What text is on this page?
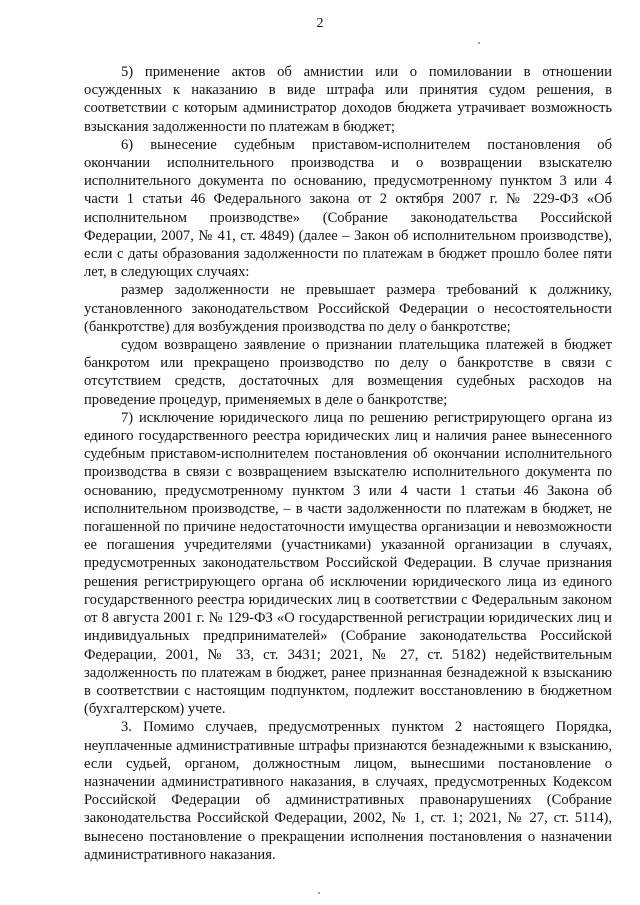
2

5) применение актов об амнистии или о помиловании в отношении осужденных к наказанию в виде штрафа или принятия судом решения, в соответствии с которым администратор доходов бюджета утрачивает возможность взыскания задолженности по платежам в бюджет;

6) вынесение судебным приставом-исполнителем постановления об окончании исполнительного производства и о возвращении взыскателю исполнительного документа по основанию, предусмотренному пунктом 3 или 4 части 1 статьи 46 Федерального закона от 2 октября 2007 г. № 229-ФЗ «Об исполнительном производстве» (Собрание законодательства Российской Федерации, 2007, № 41, ст. 4849) (далее – Закон об исполнительном производстве), если с даты образования задолженности по платежам в бюджет прошло более пяти лет, в следующих случаях:

размер задолженности не превышает размера требований к должнику, установленного законодательством Российской Федерации о несостоятельности (банкротстве) для возбуждения производства по делу о банкротстве;

судом возвращено заявление о признании плательщика платежей в бюджет банкротом или прекращено производство по делу о банкротстве в связи с отсутствием средств, достаточных для возмещения судебных расходов на проведение процедур, применяемых в деле о банкротстве;

7) исключение юридического лица по решению регистрирующего органа из единого государственного реестра юридических лиц и наличия ранее вынесенного судебным приставом-исполнителем постановления об окончании исполнительного производства в связи с возвращением взыскателю исполнительного документа по основанию, предусмотренному пунктом 3 или 4 части 1 статьи 46 Закона об исполнительном производстве, – в части задолженности по платежам в бюджет, не погашенной по причине недостаточности имущества организации и невозможности ее погашения учредителями (участниками) указанной организации в случаях, предусмотренных законодательством Российской Федерации. В случае признания решения регистрирующего органа об исключении юридического лица из единого государственного реестра юридических лиц в соответствии с Федеральным законом от 8 августа 2001 г. № 129-ФЗ «О государственной регистрации юридических лиц и индивидуальных предпринимателей» (Собрание законодательства Российской Федерации, 2001, № 33, ст. 3431; 2021, № 27, ст. 5182) недействительным задолженность по платежам в бюджет, ранее признанная безнадежной к взысканию в соответствии с настоящим подпунктом, подлежит восстановлению в бюджетном (бухгалтерском) учете.

3. Помимо случаев, предусмотренных пунктом 2 настоящего Порядка, неуплаченные административные штрафы признаются безнадежными к взысканию, если судьей, органом, должностным лицом, вынесшими постановление о назначении административного наказания, в случаях, предусмотренных Кодексом Российской Федерации об административных правонарушениях (Собрание законодательства Российской Федерации, 2002, № 1, ст. 1; 2021, № 27, ст. 5114), вынесено постановление о прекращении исполнения постановления о назначении административного наказания.
